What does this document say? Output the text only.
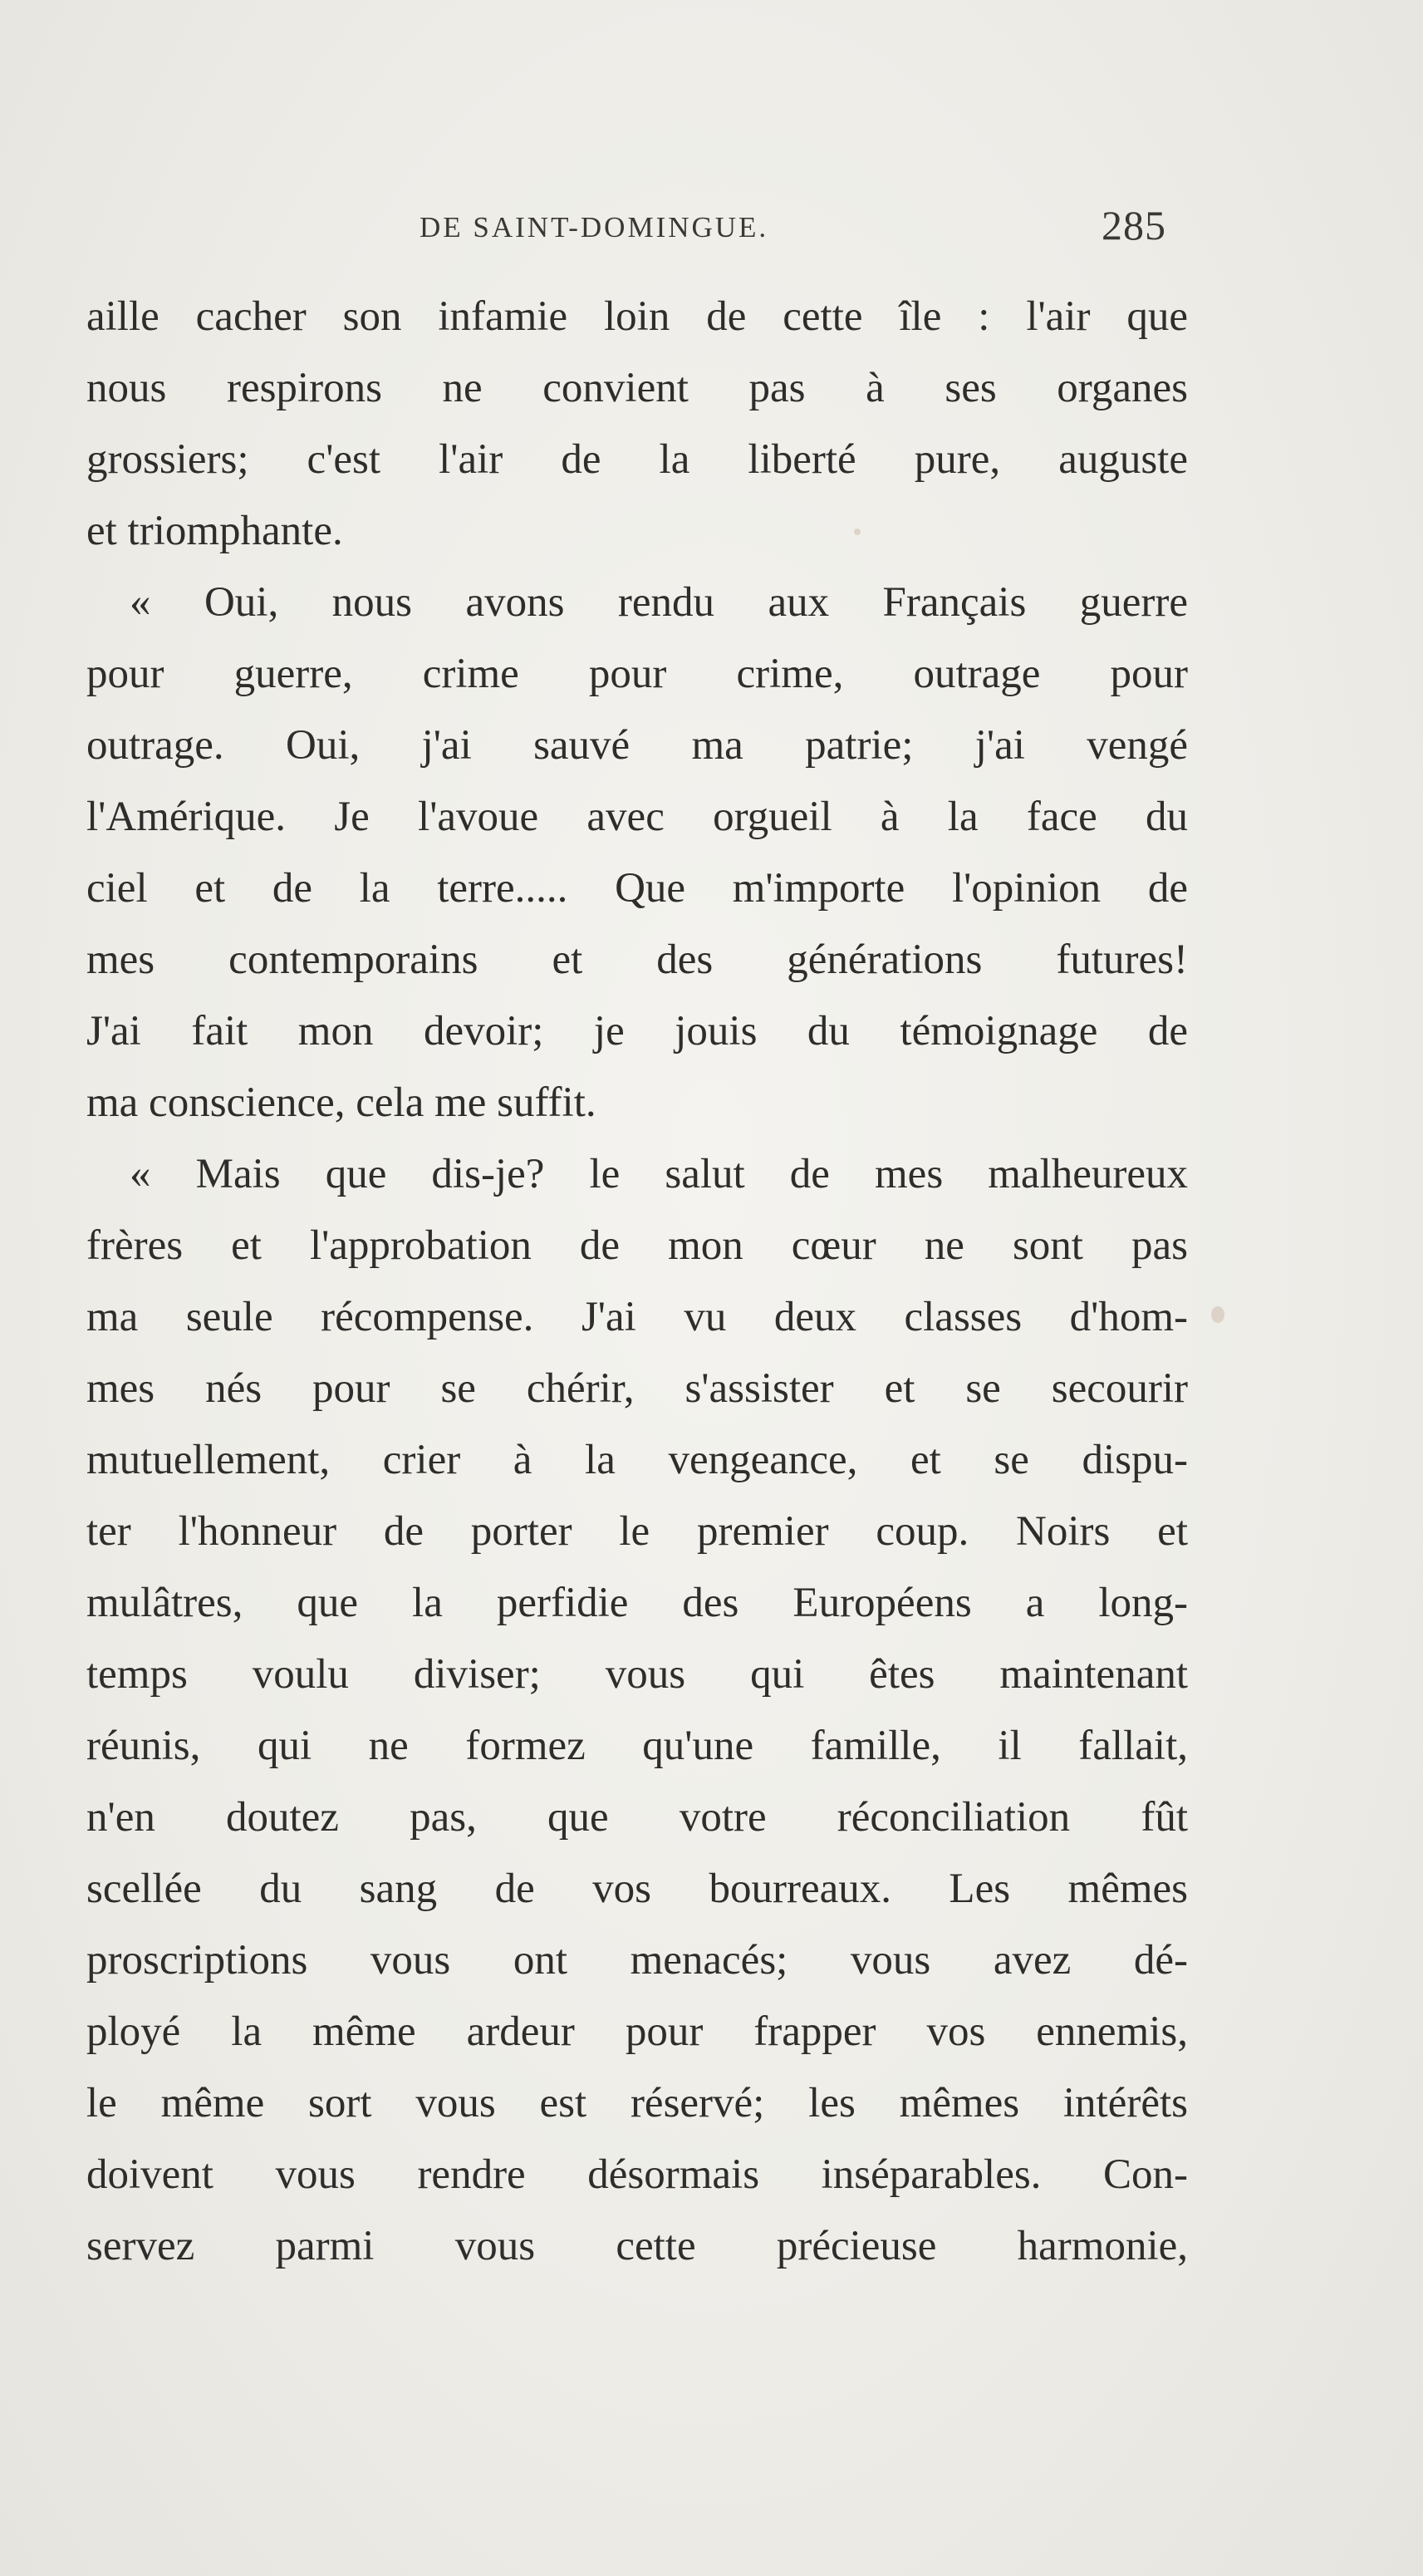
DE SAINT-DOMINGUE.	285
aille cacher son infamie loin de cette île : l'air que
nous respirons ne convient pas à ses organes
grossiers; c'est l'air de la liberté pure, auguste
et triomphante.
« Oui, nous avons rendu aux Français guerre
pour guerre, crime pour crime, outrage pour
outrage. Oui, j'ai sauvé ma patrie; j'ai vengé
l'Amérique. Je l'avoue avec orgueil à la face du
ciel et de la terre..... Que m'importe l'opinion de
mes contemporains et des générations futures!
J'ai fait mon devoir; je jouis du témoignage de
ma conscience, cela me suffit.
« Mais que dis-je? le salut de mes malheureux
frères et l'approbation de mon cœur ne sont pas
ma seule récompense. J'ai vu deux classes d'hom-
mes nés pour se chérir, s'assister et se secourir
mutuellement, crier à la vengeance, et se dispu-
ter l'honneur de porter le premier coup. Noirs et
mulâtres, que la perfidie des Européens a long-
temps voulu diviser; vous qui êtes maintenant
réunis, qui ne formez qu'une famille, il fallait,
n'en doutez pas, que votre réconciliation fût
scellée du sang de vos bourreaux. Les mêmes
proscriptions vous ont menacés; vous avez dé-
ployé la même ardeur pour frapper vos ennemis,
le même sort vous est réservé; les mêmes intérêts
doivent vous rendre désormais inséparables. Con-
servez parmi vous cette précieuse harmonie,
